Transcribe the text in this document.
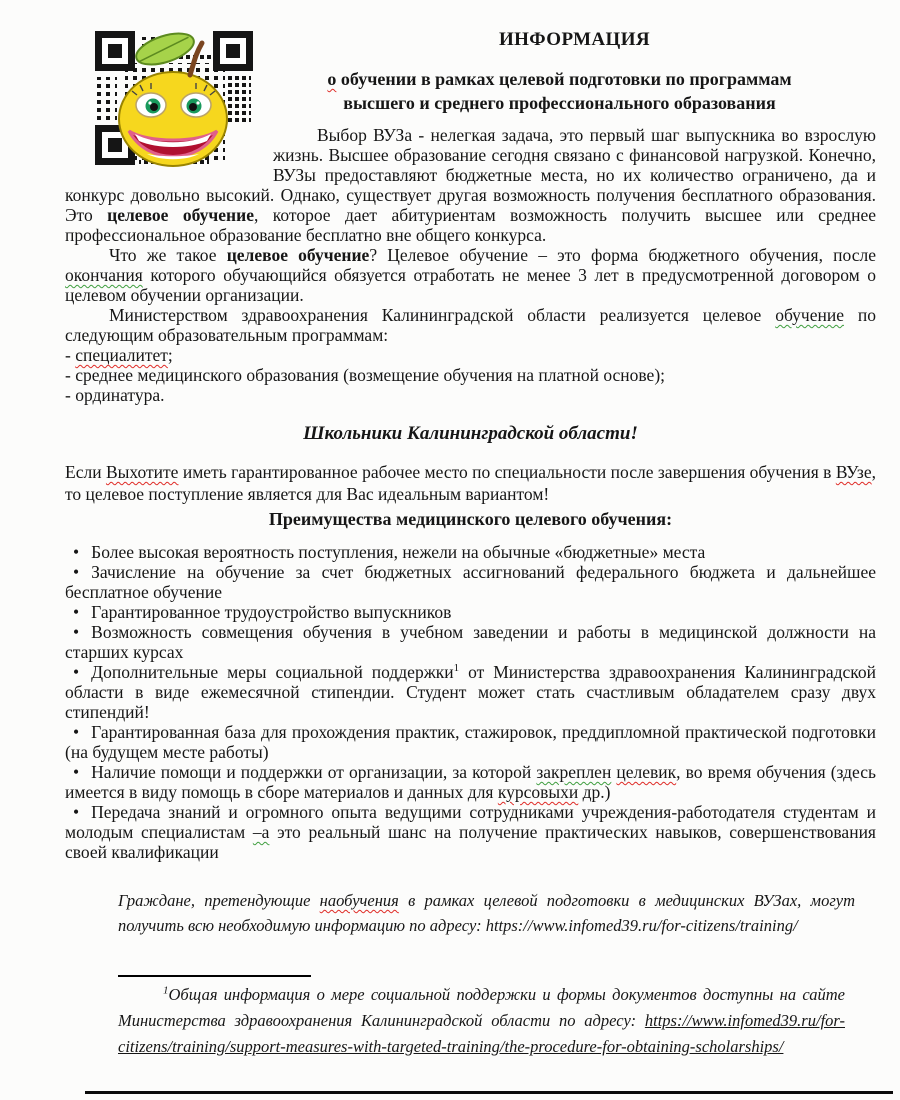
ИНФОРМАЦИЯ
о обучении в рамках целевой подготовки по программам
высшего и среднего профессионального образования

Выбор ВУЗа - нелегкая задача, это первый шаг выпускника во взрослую жизнь. Высшее образование сегодня связано с финансовой нагрузкой. Конечно, ВУЗы предоставляют бюджетные места, но их количество ограничено, да и конкурс довольно высокий. Однако, существует другая возможность получения бесплатного образования. Это целевое обучение, которое дает абитуриентам возможность получить высшее или среднее профессиональное образование бесплатно вне общего конкурса.

Что же такое целевое обучение? Целевое обучение – это форма бюджетного обучения, после окончания которого обучающийся обязуется отработать не менее 3 лет в предусмотренной договором о целевом обучении организации.

Министерством здравоохранения Калининградской области реализуется целевое обучение по следующим образовательным программам:

- специалитет;
- среднее медицинского образования (возмещение обучения на платной основе);
- ординатура.
Школьники Калининградской области!

Если Выхотите иметь гарантированное рабочее место по специальности после завершения обучения в ВУзе, то целевое поступление является для Вас идеальным вариантом!

Преимущества медицинского целевого обучения:
• Более высокая вероятность поступления, нежели на обычные «бюджетные» места
• Зачисление на обучение за счет бюджетных ассигнований федерального бюджета и дальнейшее бесплатное обучение
• Гарантированное трудоустройство выпускников
• Возможность совмещения обучения в учебном заведении и работы в медицинской должности на старших курсах
• Дополнительные меры социальной поддержки$^1$ от Министерства здравоохранения Калининградской области в виде ежемесячной стипендии. Студент может стать счастливым обладателем сразу двух стипендий!
• Гарантированная база для прохождения практик, стажировок, преддипломной практической подготовки (на будущем месте работы)
• Наличие помощи и поддержки от организации, за которой закреплен целевик, во время обучения (здесь имеется в виду помощь в сборе материалов и данных для курсовыхи др.)
• Передача знаний и огромного опыта ведущими сотрудниками учреждения-работодателя студентам и молодым специалистам –а это реальный шанс на получение практических навыков, совершенствования своей квалификации

Граждане, претендующие наобучения в рамках целевой подготовки в медицинских ВУЗах, могут получить всю необходимую информацию по адресу: https://www.infomed39.ru/for-citizens/training/

$^1$Общая информация о мере социальной поддержки и формы документов доступны на сайте Министерства здравоохранения Калининградской области по адресу: https://www.infomed39.ru/for-citizens/training/support-measures-with-targeted-training/the-procedure-for-obtaining-scholarships/
